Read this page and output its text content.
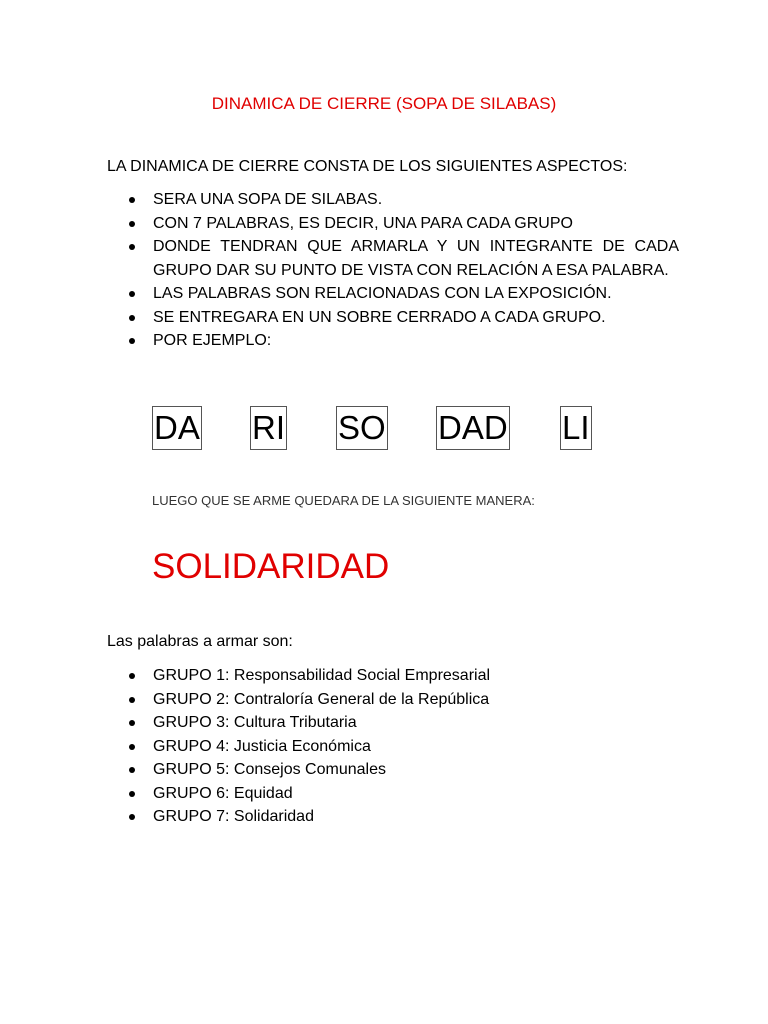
DINAMICA DE CIERRE (SOPA DE SILABAS)

LA DINAMICA DE CIERRE CONSTA DE LOS SIGUIENTES ASPECTOS:

SERA UNA SOPA DE SILABAS.
CON 7 PALABRAS, ES DECIR, UNA PARA CADA GRUPO
DONDE TENDRAN QUE ARMARLA Y UN INTEGRANTE DE CADA GRUPO DAR SU PUNTO DE VISTA CON RELACIÓN A ESA PALABRA.
LAS PALABRAS SON RELACIONADAS CON LA EXPOSICIÓN.
SE ENTREGARA EN UN SOBRE CERRADO A CADA GRUPO.
POR EJEMPLO:
DA RI SO DAD LI

LUEGO QUE SE ARME QUEDARA DE LA SIGUIENTE MANERA:

SOLIDARIDAD

Las palabras a armar son:

GRUPO 1: Responsabilidad Social Empresarial
GRUPO 2: Contraloría General de la República
GRUPO 3: Cultura Tributaria
GRUPO 4: Justicia Económica
GRUPO 5: Consejos Comunales
GRUPO 6: Equidad
GRUPO 7: Solidaridad
